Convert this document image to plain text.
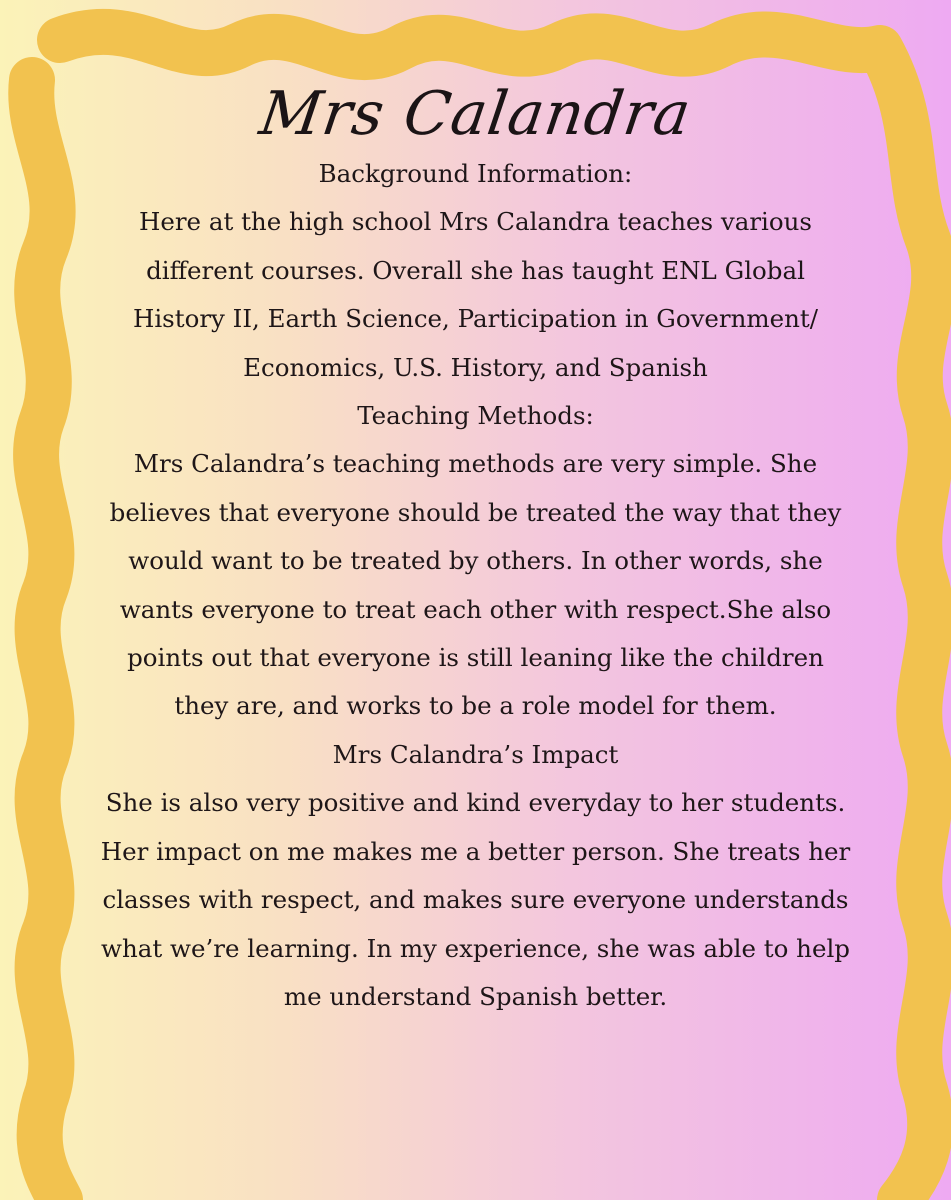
Mrs Calandra

Background Information:

Here at the high school Mrs Calandra teaches various different courses. Overall she has taught ENL Global History II, Earth Science, Participation in Government/ Economics, U.S. History, and Spanish

Teaching Methods:

Mrs Calandra’s teaching methods are very simple. She believes that everyone should be treated the way that they would want to be treated by others. In other words, she wants everyone to treat each other with respect.She also points out that everyone is still leaning like the children they are, and works to be a role model for them.

Mrs Calandra’s Impact

She is also very positive and kind everyday to her students. Her impact on me makes me a better person. She treats her classes with respect, and makes sure everyone understands what we’re learning. In my experience, she was able to help me understand Spanish better.
